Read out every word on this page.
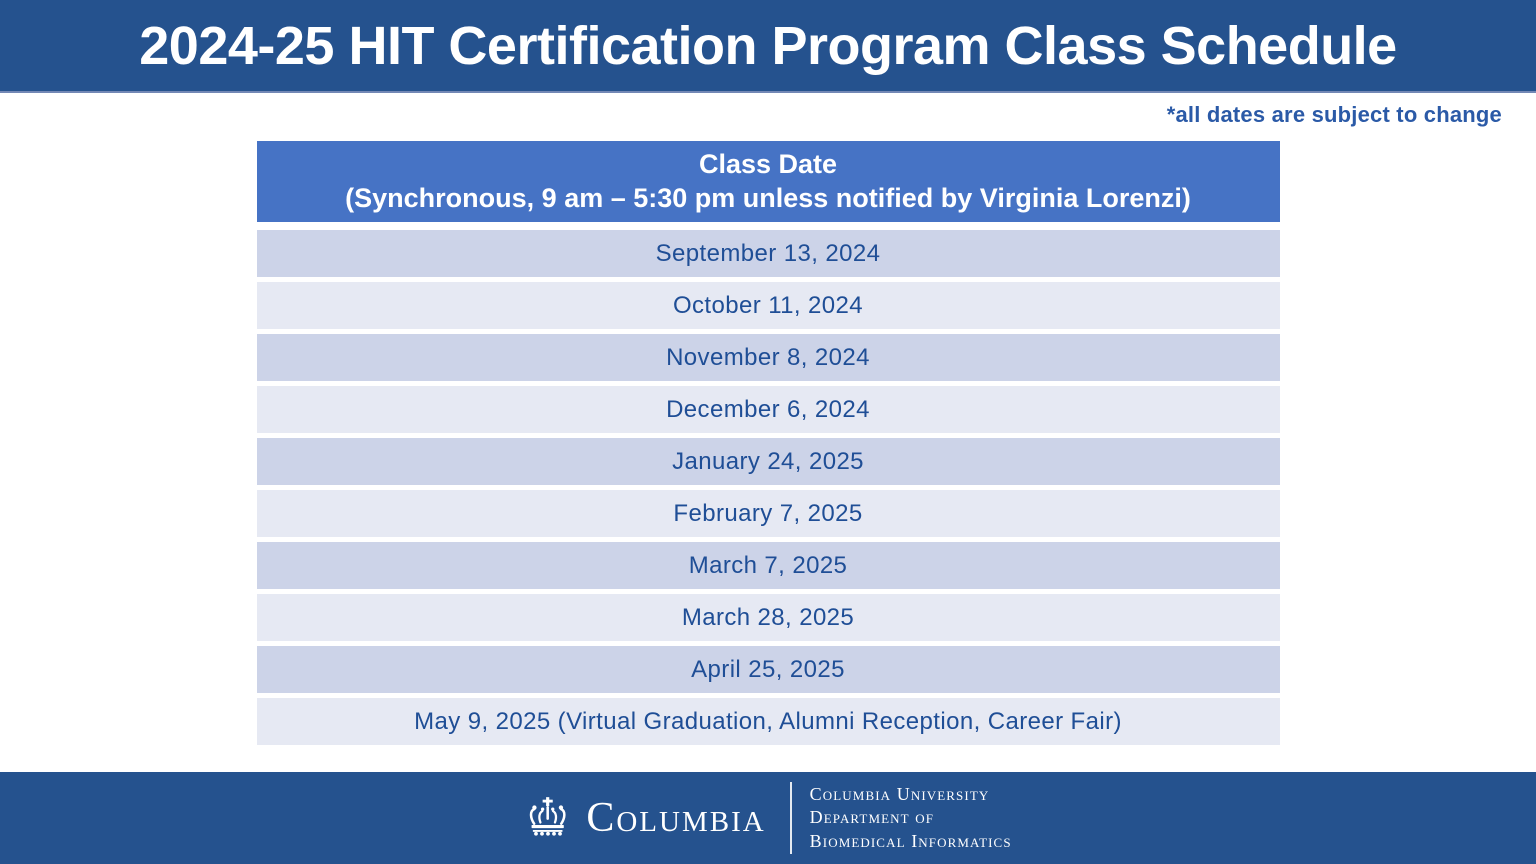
2024-25 HIT Certification Program Class Schedule
*all dates are subject to change
Class Date
(Synchronous, 9 am – 5:30 pm unless notified by Virginia Lorenzi)
September 13, 2024
October 11, 2024
November 8, 2024
December 6, 2024
January 24, 2025
February 7, 2025
March 7, 2025
March 28, 2025
April 25, 2025
May 9, 2025 (Virtual Graduation, Alumni Reception, Career Fair)
Columbia
Columbia University
Department of
Biomedical Informatics
